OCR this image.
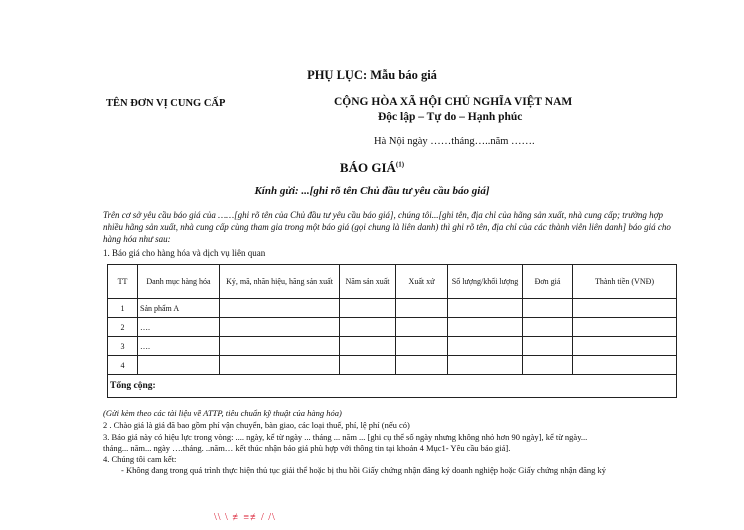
PHỤ LỤC: Mẫu báo giá
TÊN ĐƠN VỊ CUNG CẤP	CỘNG HÒA XÃ HỘI CHỦ NGHĨA VIỆT NAM
Độc lập – Tự do – Hạnh phúc
Hà Nội ngày ……tháng…..năm …….
BÁO GIÁ$^{(1)}$
Kính gửi: ...[ghi rõ tên Chủ đầu tư yêu cầu báo giá]
Trên cơ sở yêu cầu báo giá của ……[ghi rõ tên của Chủ đầu tư yêu cầu báo giá], chúng tôi...[ghi tên, địa chỉ của hãng sản xuất, nhà cung cấp; trường hợp nhiều hãng sản xuất, nhà cung cấp cùng tham gia trong một báo giá (gọi chung là liên danh) thì ghi rõ tên, địa chỉ của các thành viên liên danh] báo giá cho hàng hóa như sau:
1. Báo giá cho hàng hóa và dịch vụ liên quan
TT	Danh mục hàng hóa	Ký, mã, nhãn hiệu, hãng sản xuất	Năm sản xuất	Xuất xứ	Số lượng/khối lượng	Đơn giá	Thành tiền (VNĐ)
1	Sản phẩm A						
2	….						
3	….						
4							
Tổng cộng:							
(Gửi kèm theo các tài liệu về ATTP, tiêu chuẩn kỹ thuật của hàng hóa)
2 . Chào giá là giá đã bao gồm phí vận chuyển, bàn giao, các loại thuế, phí, lệ phí (nếu có)
3. Báo giá này có hiệu lực trong vòng: .... ngày, kể từ ngày ... tháng ... năm ... [ghi cụ thể số ngày nhưng không nhỏ hơn 90 ngày], kể từ ngày...
tháng... năm... ngày ….tháng. ..năm… kết thúc nhận báo giá phù hợp với thông tin tại khoản 4 Mục1- Yêu cầu báo giá].
4. Chúng tôi cam kết:
- Không đang trong quá trình thực hiện thủ tục giải thể hoặc bị thu hồi Giấy chứng nhận đăng ký doanh nghiệp hoặc Giấy chứng nhận đăng ký
\\ \ ≢≡≢/ /\
